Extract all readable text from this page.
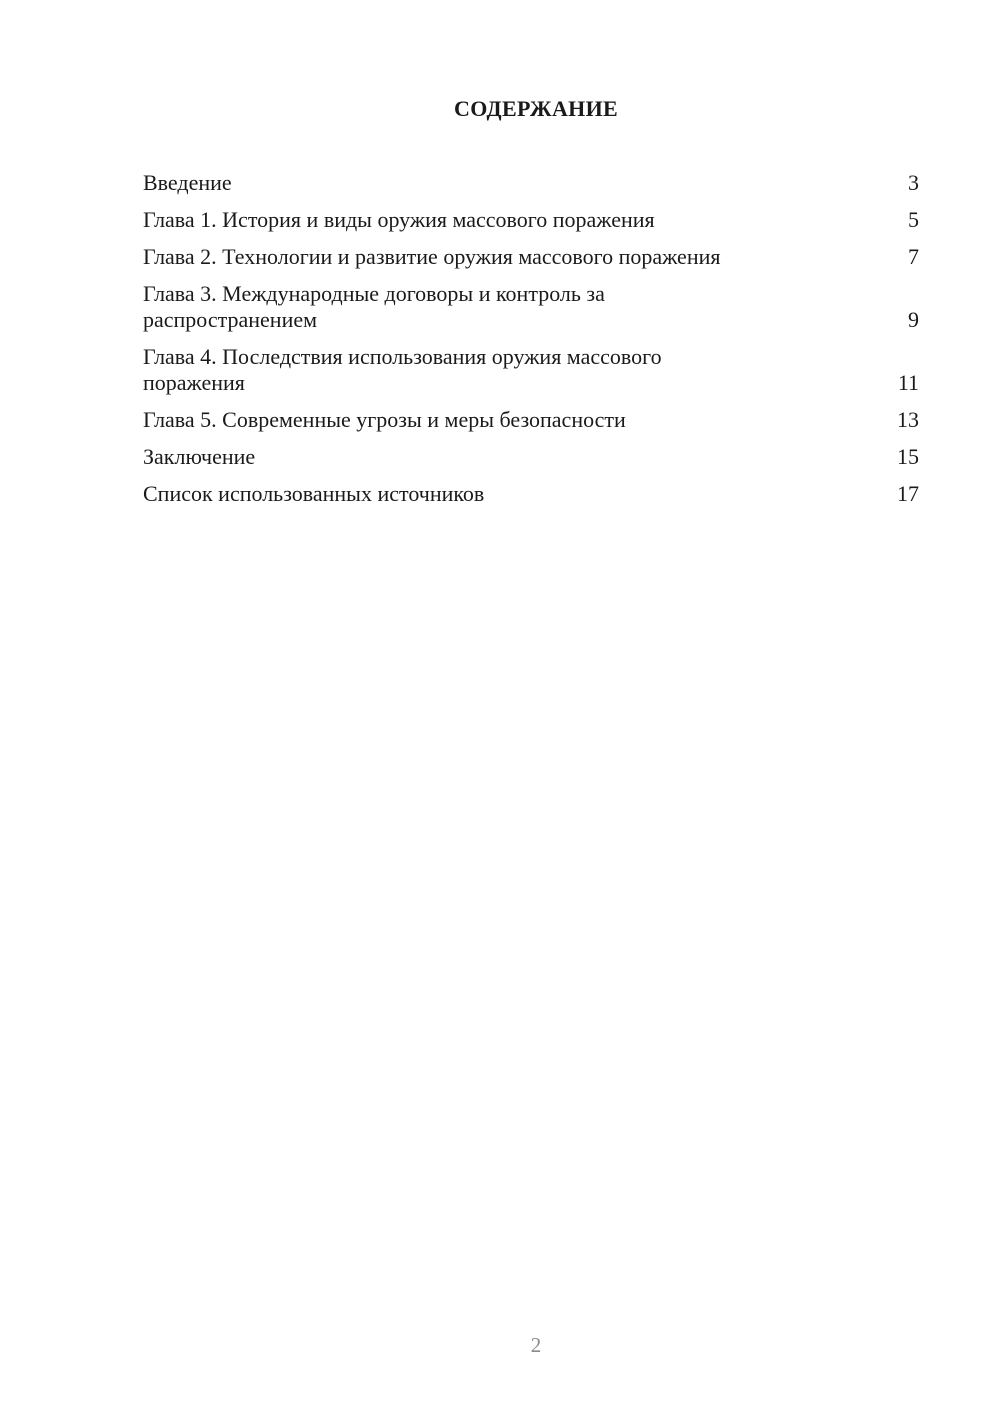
СОДЕРЖАНИЕ
Введение	3
Глава 1. История и виды оружия массового поражения	5
Глава 2. Технологии и развитие оружия массового поражения	7
Глава 3. Международные договоры и контроль за распространением	9
Глава 4. Последствия использования оружия массового поражения	11
Глава 5. Современные угрозы и меры безопасности	13
Заключение	15
Список использованных источников	17
2
